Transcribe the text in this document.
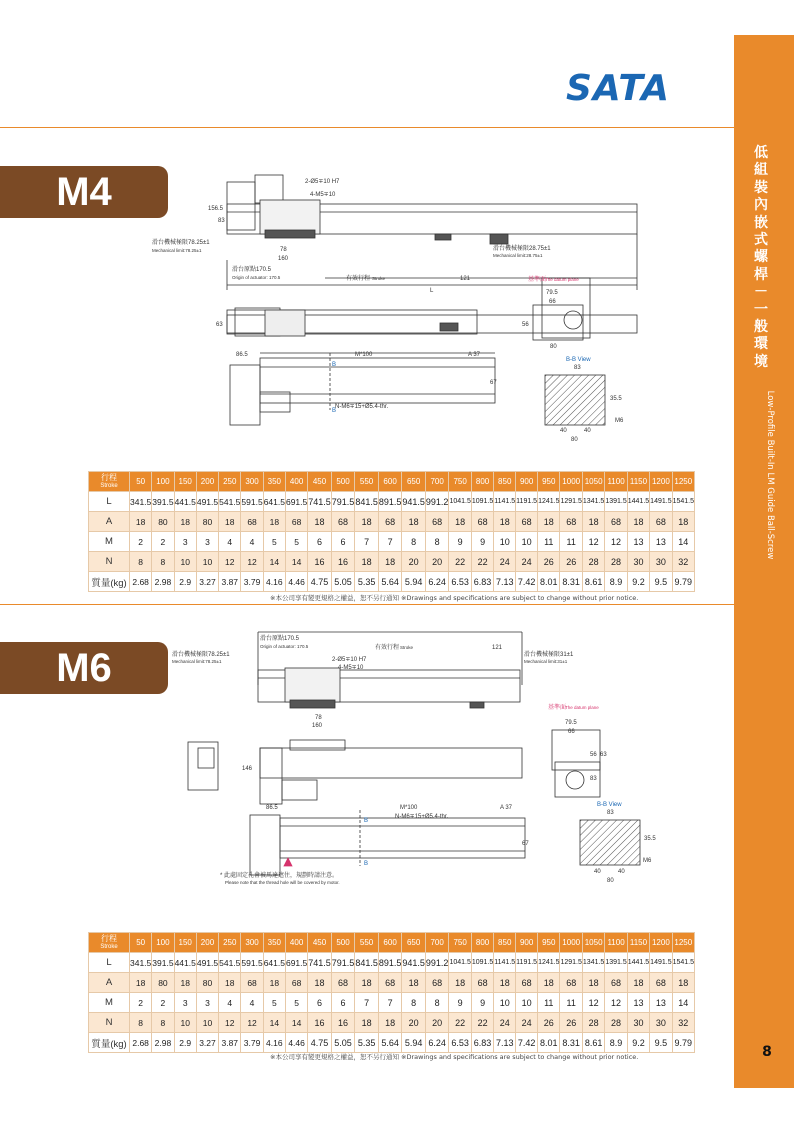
低組裝內嵌式螺桿－一般環境
Low-Profile Built-In LM Guide Ball-Screw
8
SATA
M4	2-Ø5∓10 H7
4-M5∓10
滑台機械極限78.25±1
Mechanical limit:78.25±1	78
160
滑台原點170.5
Origin of actuator: 170.5	有效行程 Stroke	121
L
滑台機械極限28.75±1
Mechanical limit:28.75±1
基準面
The datum plane
79.5
66
56
80
63
156.5
83
86.5	M*100	A 37
B
B
N-M6∓15+Ø5.4-thr.
67
B-B View
83
35.5
M6
40	40
80
行程
Stroke	50	100	150	200	250	300	350	400	450	500	550	600	650	700	750	800	850	900	950	1000	1050	1100	1150	1200	1250
L	341.5	391.5	441.5	491.5	541.5	591.5	641.5	691.5	741.5	791.5	841.5	891.5	941.5	991.2	1041.5	1091.5	1141.5	1191.5	1241.5	1291.5	1341.5	1391.5	1441.5	1491.5	1541.5
A	18	80	18	80	18	68	18	68	18	68	18	68	18	68	18	68	18	68	18	68	18	68	18	68	18
M	2	2	3	3	4	4	5	5	6	6	7	7	8	8	9	9	10	10	11	11	12	12	13	13	14
N	8	8	10	10	12	12	14	14	16	16	18	18	20	20	22	22	24	24	26	26	28	28	30	30	32
質量(kg)	2.68	2.98	2.9	3.27	3.87	3.79	4.16	4.46	4.75	5.05	5.35	5.64	5.94	6.24	6.53	6.83	7.13	7.42	8.01	8.31	8.61	8.9	9.2	9.5	9.79
※本公司享有變更規格之權益，恕不另行通知 ※Drawings and specifications are subject to change without prior notice.
M6
滑台原點170.5
Origin of actuator: 170.5	有效行程 Stroke	121
滑台機械極限78.25±1
Mechanical limit:78.25±1
滑台機械極限31±1
Mechanical limit:31±1
2-Ø5∓10 H7
4-M5∓10
78
160
基準面
The datum plane
79.5
66
56 63
83
146
86.5	M*100	A 37
N-M6∓15+Ø5.4-thr.
B
B
67
B-B View
83
35.5
M6
40	40
80
* 此處固定孔會被馬達遮住，規劃時請注意。
Please note that the thread hole will be covered by motor.
行程
Stroke	50	100	150	200	250	300	350	400	450	500	550	600	650	700	750	800	850	900	950	1000	1050	1100	1150	1200	1250
L	341.5	391.5	441.5	491.5	541.5	591.5	641.5	691.5	741.5	791.5	841.5	891.5	941.5	991.2	1041.5	1091.5	1141.5	1191.5	1241.5	1291.5	1341.5	1391.5	1441.5	1491.5	1541.5
A	18	80	18	80	18	68	18	68	18	68	18	68	18	68	18	68	18	68	18	68	18	68	18	68	18
M	2	2	3	3	4	4	5	5	6	6	7	7	8	8	9	9	10	10	11	11	12	12	13	13	14
N	8	8	10	10	12	12	14	14	16	16	18	18	20	20	22	22	24	24	26	26	28	28	30	30	32
質量(kg)	2.68	2.98	2.9	3.27	3.87	3.79	4.16	4.46	4.75	5.05	5.35	5.64	5.94	6.24	6.53	6.83	7.13	7.42	8.01	8.31	8.61	8.9	9.2	9.5	9.79
※本公司享有變更規格之權益，恕不另行通知 ※Drawings and specifications are subject to change without prior notice.
